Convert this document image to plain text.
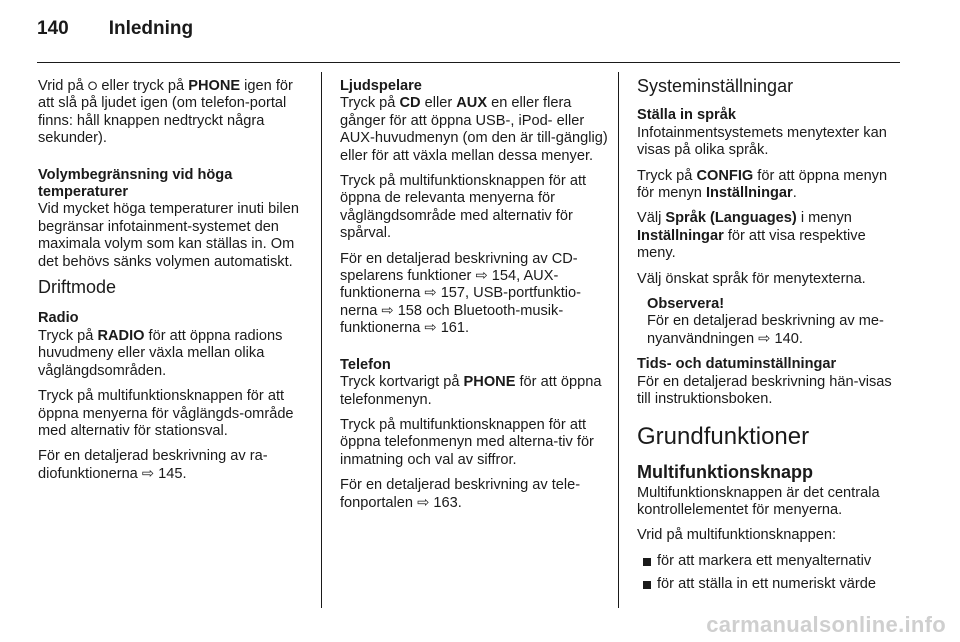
140 Inledning

Vrid på ⭘ eller tryck på PHONE igen för att slå på ljudet igen (om telefon-portal finns: håll knappen nedtryckt några sekunder).

Volymbegränsning vid höga temperaturer

Vid mycket höga temperaturer inuti bilen begränsar infotainment-systemet den maximala volym som kan ställas in. Om det behövs sänks volymen automatiskt.

Driftmode

Radio

Tryck på RADIO för att öppna radions huvudmeny eller växla mellan olika våglängdsområden.

Tryck på multifunktionsknappen för att öppna menyerna för våglängds-område med alternativ för stationsval.

För en detaljerad beskrivning av ra-diofunktionerna ⇨ 145.

Ljudspelare

Tryck på CD eller AUX en eller flera gånger för att öppna USB-, iPod- eller AUX-huvudmenyn (om den är till-gänglig) eller för att växla mellan dessa menyer.

Tryck på multifunktionsknappen för att öppna de relevanta menyerna för våglängdsområde med alternativ för spårval.

För en detaljerad beskrivning av CD-spelarens funktioner ⇨ 154, AUX-funktionerna ⇨ 157, USB-portfunktio-nerna ⇨ 158 och Bluetooth-musik-funktionerna ⇨ 161.

Telefon

Tryck kortvarigt på PHONE för att öppna telefonmenyn.

Tryck på multifunktionsknappen för att öppna telefonmenyn med alterna-tiv för inmatning och val av siffror.

För en detaljerad beskrivning av tele-fonportalen ⇨ 163.

Systeminställningar

Ställa in språk

Infotainmentsystemets menytexter kan visas på olika språk.

Tryck på CONFIG för att öppna menyn för menyn Inställningar.

Välj Språk (Languages) i menyn Inställningar för att visa respektive meny.

Välj önskat språk för menytexterna.

Observera!

För en detaljerad beskrivning av me-nyanvändningen ⇨ 140.

Tids- och datuminställningar

För en detaljerad beskrivning hän-visas till instruktionsboken.

Grundfunktioner
Multifunktionsknapp

Multifunktionsknappen är det centrala kontrollelementet för menyerna.

Vrid på multifunktionsknappen:

för att markera ett menyalternativ
för att ställa in ett numeriskt värde
carmanualsonline.info
